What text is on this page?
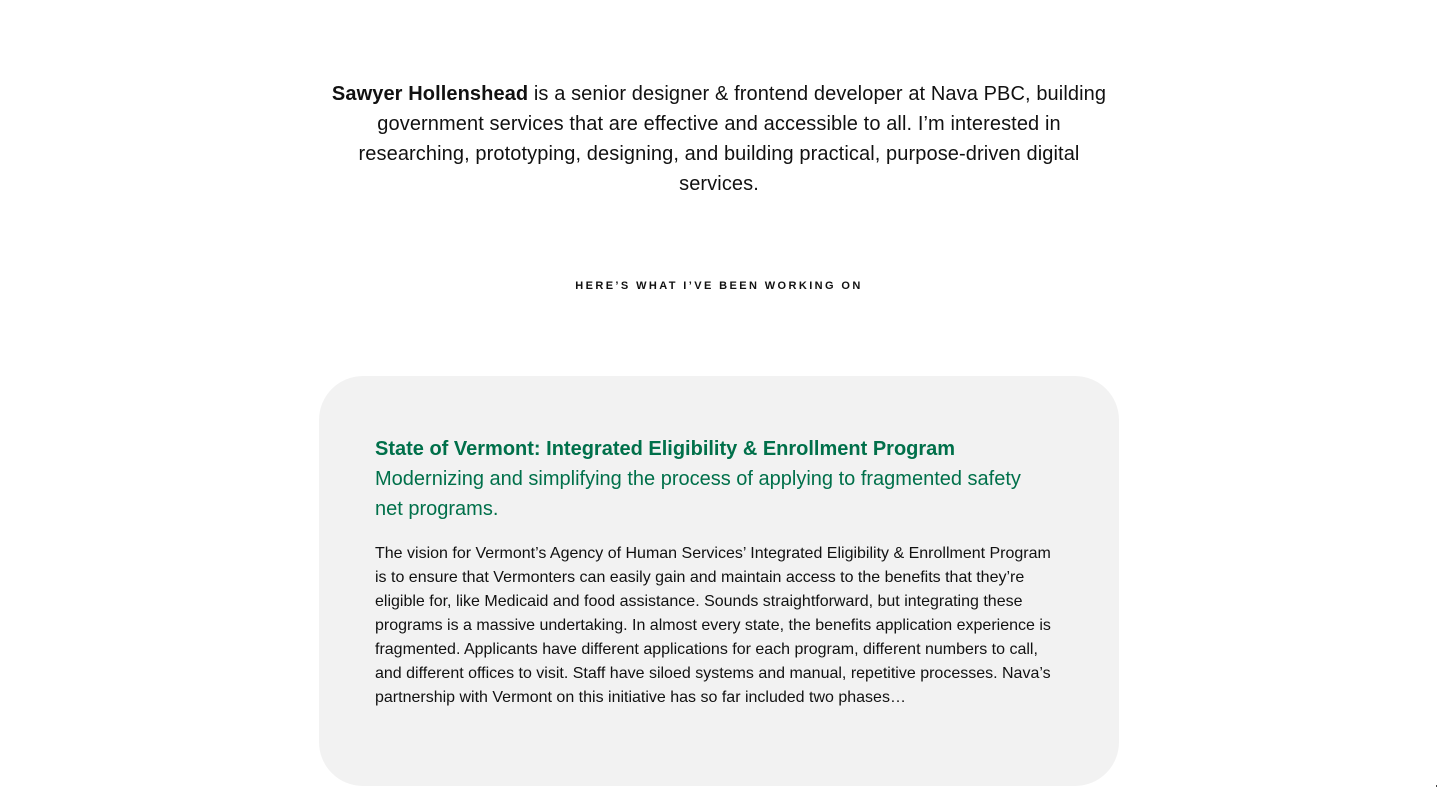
Sawyer Hollenshead is a senior designer & frontend developer at Nava PBC, building government services that are effective and accessible to all. I’m interested in researching, prototyping, designing, and building practical, purpose-driven digital services.

HERE’S WHAT I’VE BEEN WORKING ON
State of Vermont: Integrated Eligibility & Enrollment Program

Modernizing and simplifying the process of applying to fragmented safety net programs.

The vision for Vermont’s Agency of Human Services’ Integrated Eligibility & Enrollment Program is to ensure that Vermonters can easily gain and maintain access to the benefits that they’re eligible for, like Medicaid and food assistance. Sounds straightforward, but integrating these programs is a massive undertaking. In almost every state, the benefits application experience is fragmented. Applicants have different applications for each program, different numbers to call, and different offices to visit. Staff have siloed systems and manual, repetitive processes. Nava’s partnership with Vermont on this initiative has so far included two phases…
